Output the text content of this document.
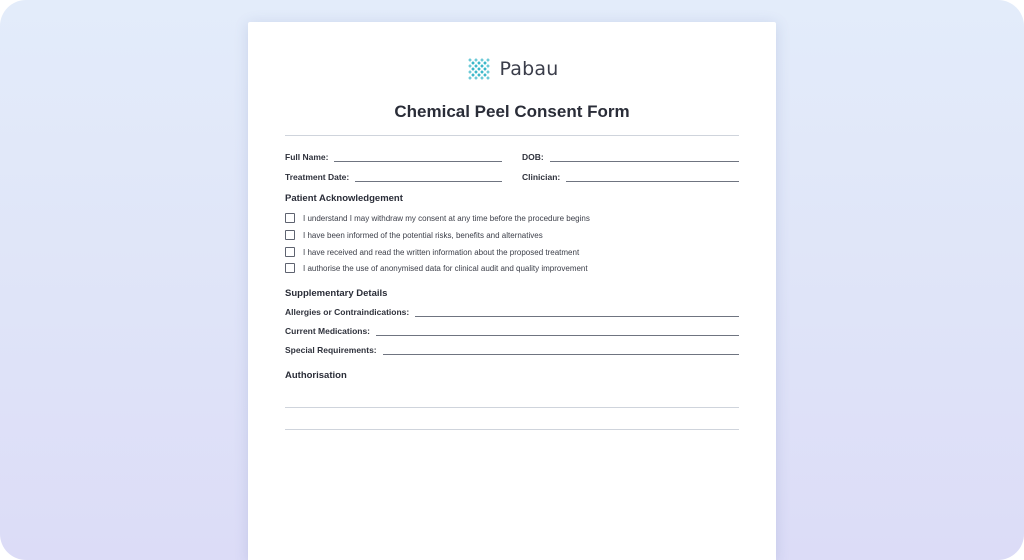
Pabau
Chemical Peel Consent Form
Full Name:	DOB:
Treatment Date:	Clinician:
Patient Acknowledgement
I understand I may withdraw my consent at any time before the procedure begins
I have been informed of the potential risks, benefits and alternatives
I have received and read the written information about the proposed treatment
I authorise the use of anonymised data for clinical audit and quality improvement
Supplementary Details
Allergies or Contraindications:
Current Medications:
Special Requirements:
Authorisation
